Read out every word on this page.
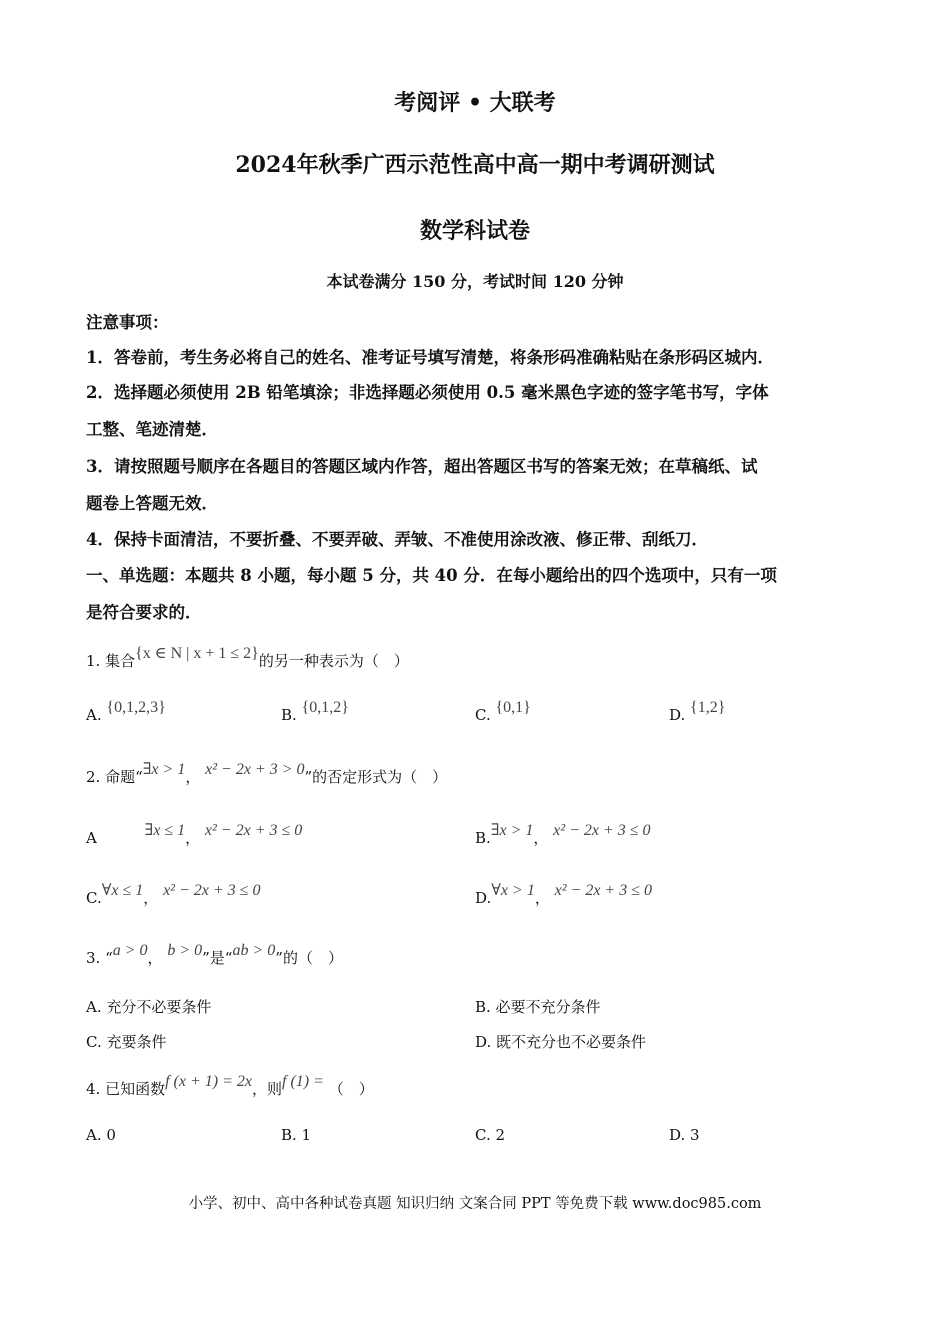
考阅评 • 大联考
2024年秋季广西示范性高中高一期中考调研测试
数学科试卷
本试卷满分 150 分，考试时间 120 分钟
注意事项：
1．答卷前，考生务必将自己的姓名、准考证号填写清楚，将条形码准确粘贴在条形码区城内．
2．选择题必须使用 2B 铅笔填涂；非选择题必须使用 0.5 毫米黑色字迹的签字笔书写，字体
工整、笔迹清楚．
3．请按照题号顺序在各题目的答题区域内作答，超出答题区书写的答案无效；在草稿纸、试
题卷上答题无效．
4．保持卡面清洁，不要折叠、不要弄破、弄皱、不准使用涂改液、修正带、刮纸刀．
一、单选题：本题共 8 小题，每小题 5 分，共 40 分．在每小题给出的四个选项中，只有一项
是符合要求的．
1. 集合{x ∈ N | x + 1 ≤ 2}的另一种表示为（　）
A. {0,1,2,3}	B. {0,1,2}	C. {0,1}	D. {1,2}
2. 命题“∃x > 1， x² − 2x + 3 > 0”的否定形式为（　）
A	∃x ≤ 1， x² − 2x + 3 ≤ 0	B.∃x > 1， x² − 2x + 3 ≤ 0
C.∀x ≤ 1， x² − 2x + 3 ≤ 0	D.∀x > 1， x² − 2x + 3 ≤ 0
3. “a > 0， b > 0”是“ab > 0”的（　）
A. 充分不必要条件	B. 必要不充分条件
C. 充要条件	D. 既不充分也不必要条件
4. 已知函数f (x + 1) = 2x，则f (1) = （　）
A. 0	B. 1	C. 2	D. 3
小学、初中、高中各种试卷真题 知识归纳 文案合同 PPT 等免费下载 www.doc985.com
